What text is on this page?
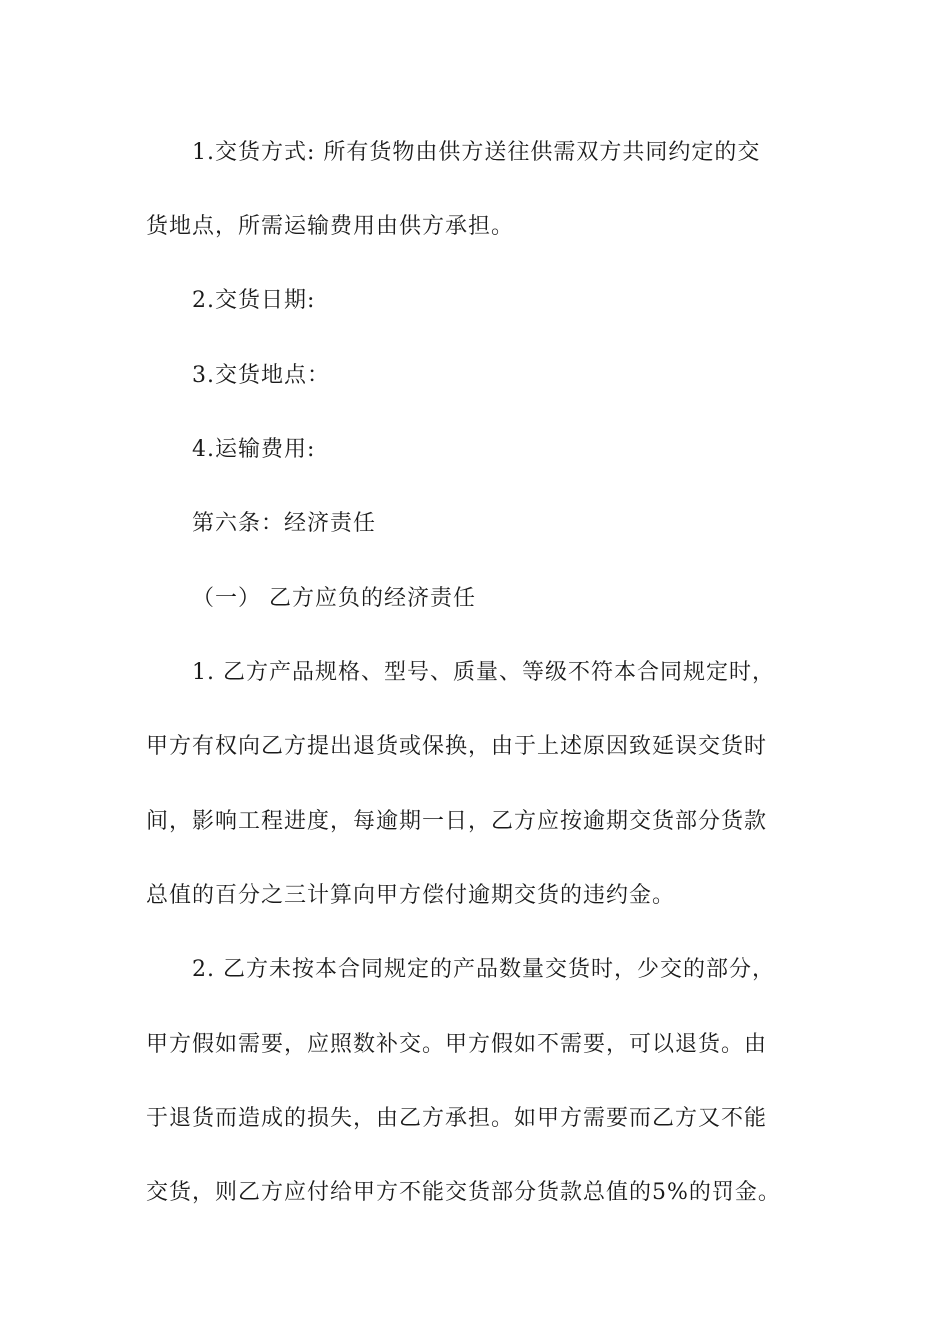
1.交货方式: 所有货物由供方送往供需双方共同约定的交
货地点，所需运输费用由供方承担。
2.交货日期:
3.交货地点：
4.运输费用:
第六条：经济责任
（一） 乙方应负的经济责任
1. 乙方产品规格、型号、质量、等级不符本合同规定时，
甲方有权向乙方提出退货或保换，由于上述原因致延误交货时
间，影响工程进度，每逾期一日，乙方应按逾期交货部分货款
总值的百分之三计算向甲方偿付逾期交货的违约金。
2. 乙方未按本合同规定的产品数量交货时，少交的部分，
甲方假如需要，应照数补交。甲方假如不需要，可以退货。由
于退货而造成的损失，由乙方承担。如甲方需要而乙方又不能
交货，则乙方应付给甲方不能交货部分货款总值的5%的罚金。
